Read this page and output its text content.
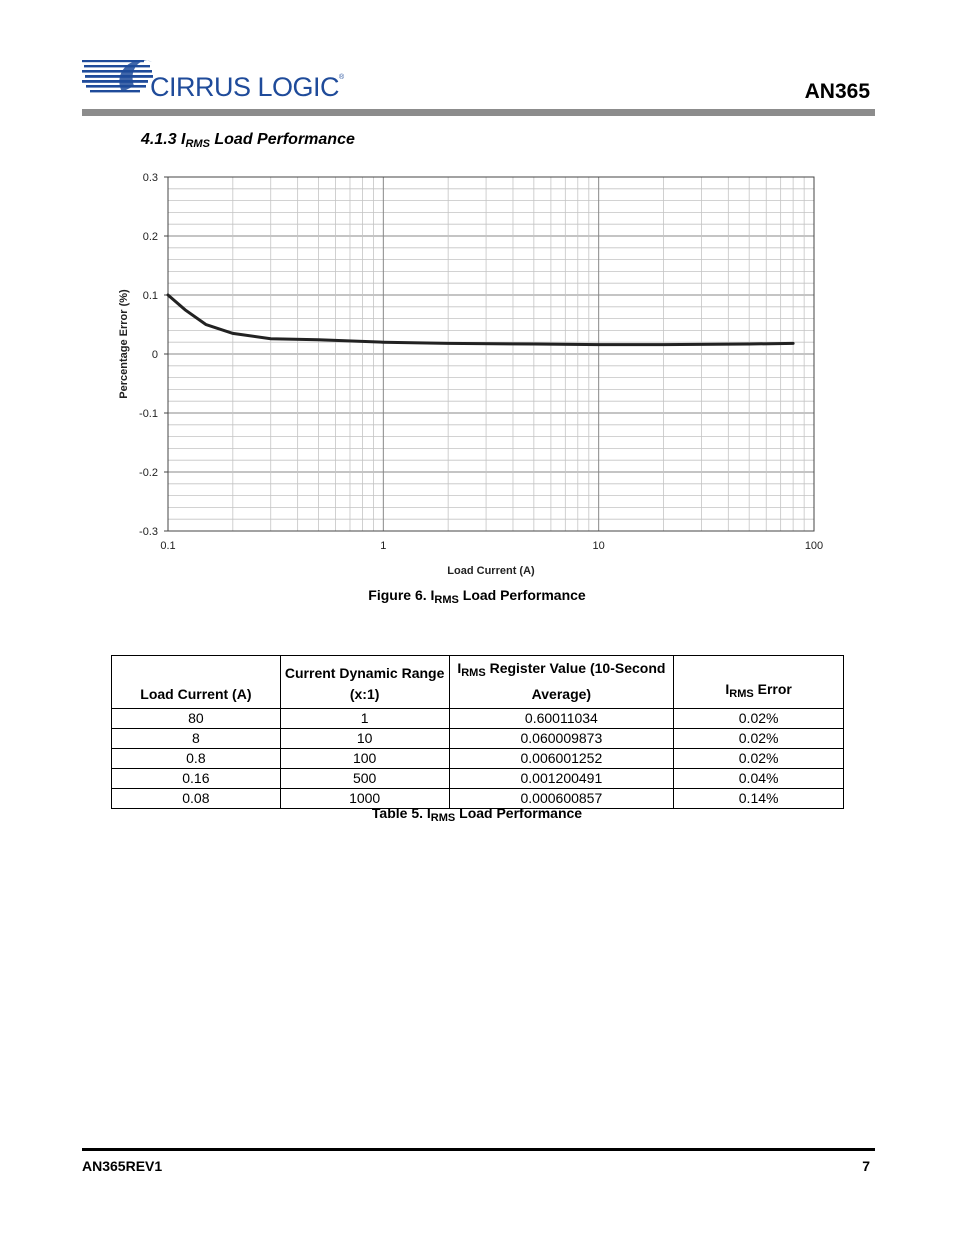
CIRRUS LOGIC®
AN365
4.1.3 $I_{RMS}$ Load Performance
0.3
0.2
0.1
0
-0.1
-0.2
-0.3
0.1	1	10	100
Load Current (A)
Percentage Error (%)
Figure 6. $I_{RMS}$ Load Performance
Load Current (A)	Current Dynamic Range (x:1)	$I_{RMS}$ Register Value (10-Second Average)	$I_{RMS}$ Error
80	1	0.60011034	0.02%
8	10	0.060009873	0.02%
0.8	100	0.006001252	0.02%
0.16	500	0.001200491	0.04%
0.08	1000	0.000600857	0.14%
Table 5. $I_{RMS}$ Load Performance
AN365REV1	7
